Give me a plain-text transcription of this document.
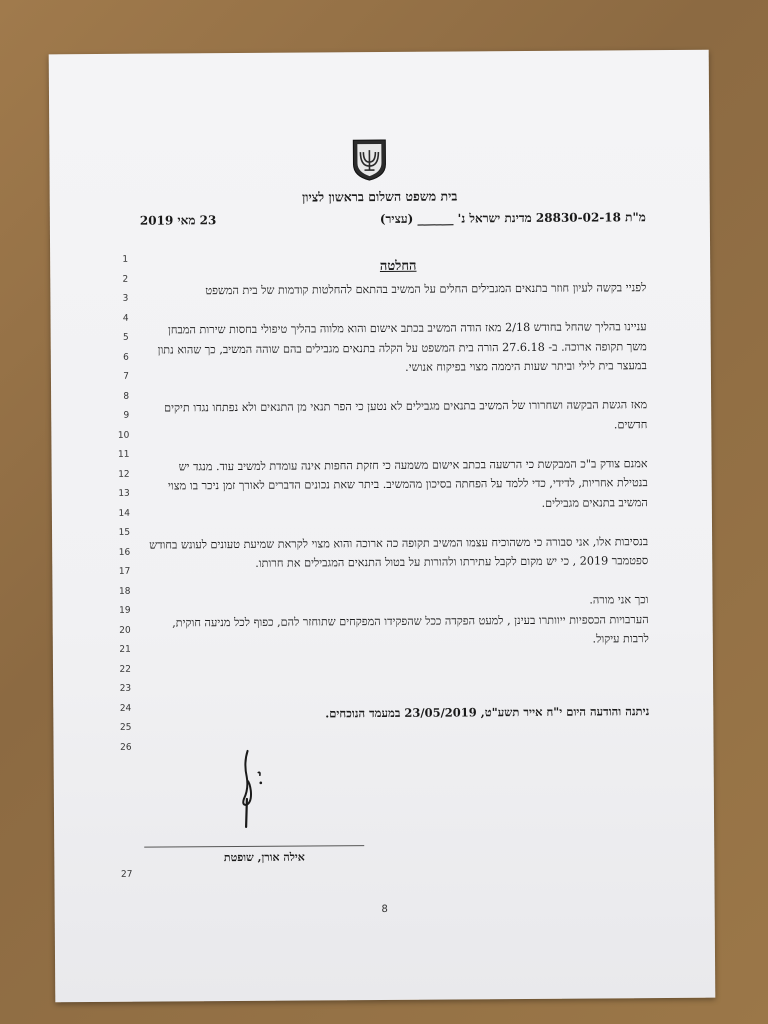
בית משפט השלום בראשון לציון
מ"ת 28830-02-18 מדינת ישראל נ' ______ (עציר)
23 מאי 2019
1
2
3
4
5
6
7
8
9
10
11
12
13
14
15
16
17
18
19
20
21
22
23
24
25
26
החלטה

לפניי בקשה לעיון חוזר בתנאים המגבילים החלים על המשיב בהתאם להחלטות קודמות של בית המשפט

עניינו בהליך שהחל בחודש 2/18 מאז הודה המשיב בכתב אישום והוא מלווה בהליך טיפולי בחסות שירות המבחן משך תקופה ארוכה. ב- 27.6.18 הורה בית המשפט על הקלה בתנאים מגבילים בהם שוהה המשיב, כך שהוא נתון במעצר בית לילי וביתר שעות היממה מצוי בפיקוח אנושי.

מאז הגשת הבקשה ושחרורו של המשיב בתנאים מגבילים לא נטען כי הפר תנאי מן התנאים ולא נפתחו נגדו תיקים חדשים.

אמנם צודק ב"כ המבקשת כי הרשעה בכתב אישום משמעה כי חזקת החפות אינה עומדת למשיב עוד. מנגד יש בנטילת אחריות, לדידי, כדי ללמד על הפחתה בסיכון מהמשיב. ביתר שאת נכונים הדברים לאורך זמן ניכר בו מצוי המשיב בתנאים מגבילים.

בנסיבות אלו, אני סבורה כי משהוכיח עצמו המשיב תקופה כה ארוכה והוא מצוי לקראת שמיעת טעונים לעונש בחודש ספטמבר 2019 , כי יש מקום לקבל עתירתו ולהורות על בטול התנאים המגבילים את חרותו.

וכך אני מורה.

הערבויות הכספיות ייוותרו בעינן , למעט הפקדה ככל שהפקידו המפקחים שתוחזר להם, כפוף לכל מניעה חוקית, לרבות עיקול.

ניתנה והודעה היום י"ח אייר תשע"ט, 23/05/2019 במעמד הנוכחים.
אילה אורן, שופטת
27
8
